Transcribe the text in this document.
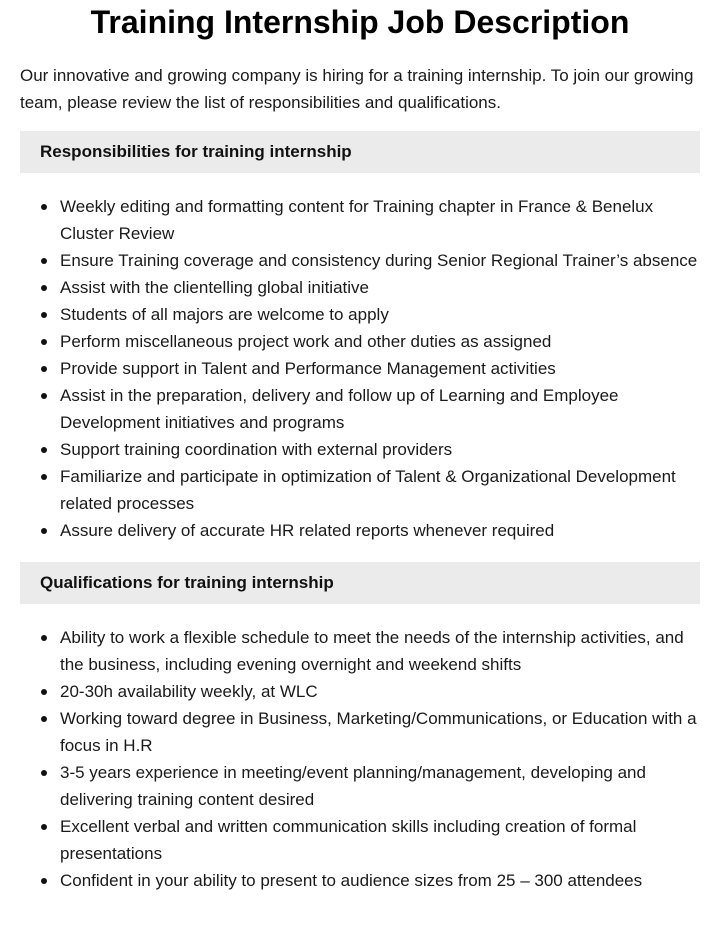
Training Internship Job Description

Our innovative and growing company is hiring for a training internship. To join our growing team, please review the list of responsibilities and qualifications.

Responsibilities for training internship
Weekly editing and formatting content for Training chapter in France & Benelux Cluster Review
Ensure Training coverage and consistency during Senior Regional Trainer’s absence
Assist with the clientelling global initiative
Students of all majors are welcome to apply
Perform miscellaneous project work and other duties as assigned
Provide support in Talent and Performance Management activities
Assist in the preparation, delivery and follow up of Learning and Employee Development initiatives and programs
Support training coordination with external providers
Familiarize and participate in optimization of Talent & Organizational Development related processes
Assure delivery of accurate HR related reports whenever required
Qualifications for training internship
Ability to work a flexible schedule to meet the needs of the internship activities, and the business, including evening overnight and weekend shifts
20-30h availability weekly, at WLC
Working toward degree in Business, Marketing/Communications, or Education with a focus in H.R
3-5 years experience in meeting/event planning/management, developing and delivering training content desired
Excellent verbal and written communication skills including creation of formal presentations
Confident in your ability to present to audience sizes from 25 – 300 attendees
